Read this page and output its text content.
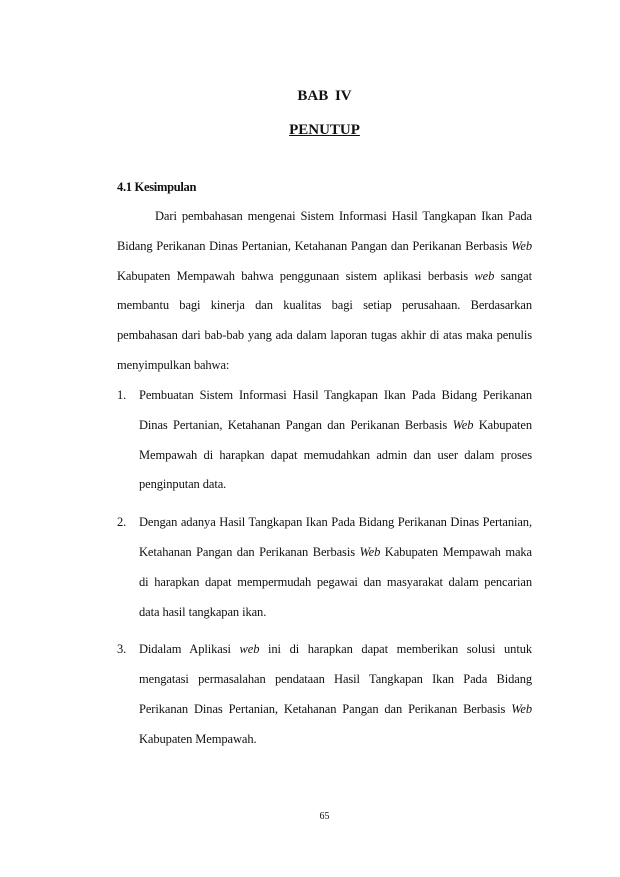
BAB IV
PENUTUP
4.1 Kesimpulan

Dari pembahasan mengenai Sistem Informasi Hasil Tangkapan Ikan Pada Bidang Perikanan Dinas Pertanian, Ketahanan Pangan dan Perikanan Berbasis Web Kabupaten Mempawah bahwa penggunaan sistem aplikasi berbasis web sangat membantu bagi kinerja dan kualitas bagi setiap perusahaan. Berdasarkan pembahasan dari bab-bab yang ada dalam laporan tugas akhir di atas maka penulis menyimpulkan bahwa:

1. Pembuatan Sistem Informasi Hasil Tangkapan Ikan Pada Bidang Perikanan Dinas Pertanian, Ketahanan Pangan dan Perikanan Berbasis Web Kabupaten Mempawah di harapkan dapat memudahkan admin dan user dalam proses penginputan data.
2. Dengan adanya Hasil Tangkapan Ikan Pada Bidang Perikanan Dinas Pertanian, Ketahanan Pangan dan Perikanan Berbasis Web Kabupaten Mempawah maka di harapkan dapat mempermudah pegawai dan masyarakat dalam pencarian data hasil tangkapan ikan.
3. Didalam Aplikasi web ini di harapkan dapat memberikan solusi untuk mengatasi permasalahan pendataan Hasil Tangkapan Ikan Pada Bidang Perikanan Dinas Pertanian, Ketahanan Pangan dan Perikanan Berbasis Web Kabupaten Mempawah.

65
